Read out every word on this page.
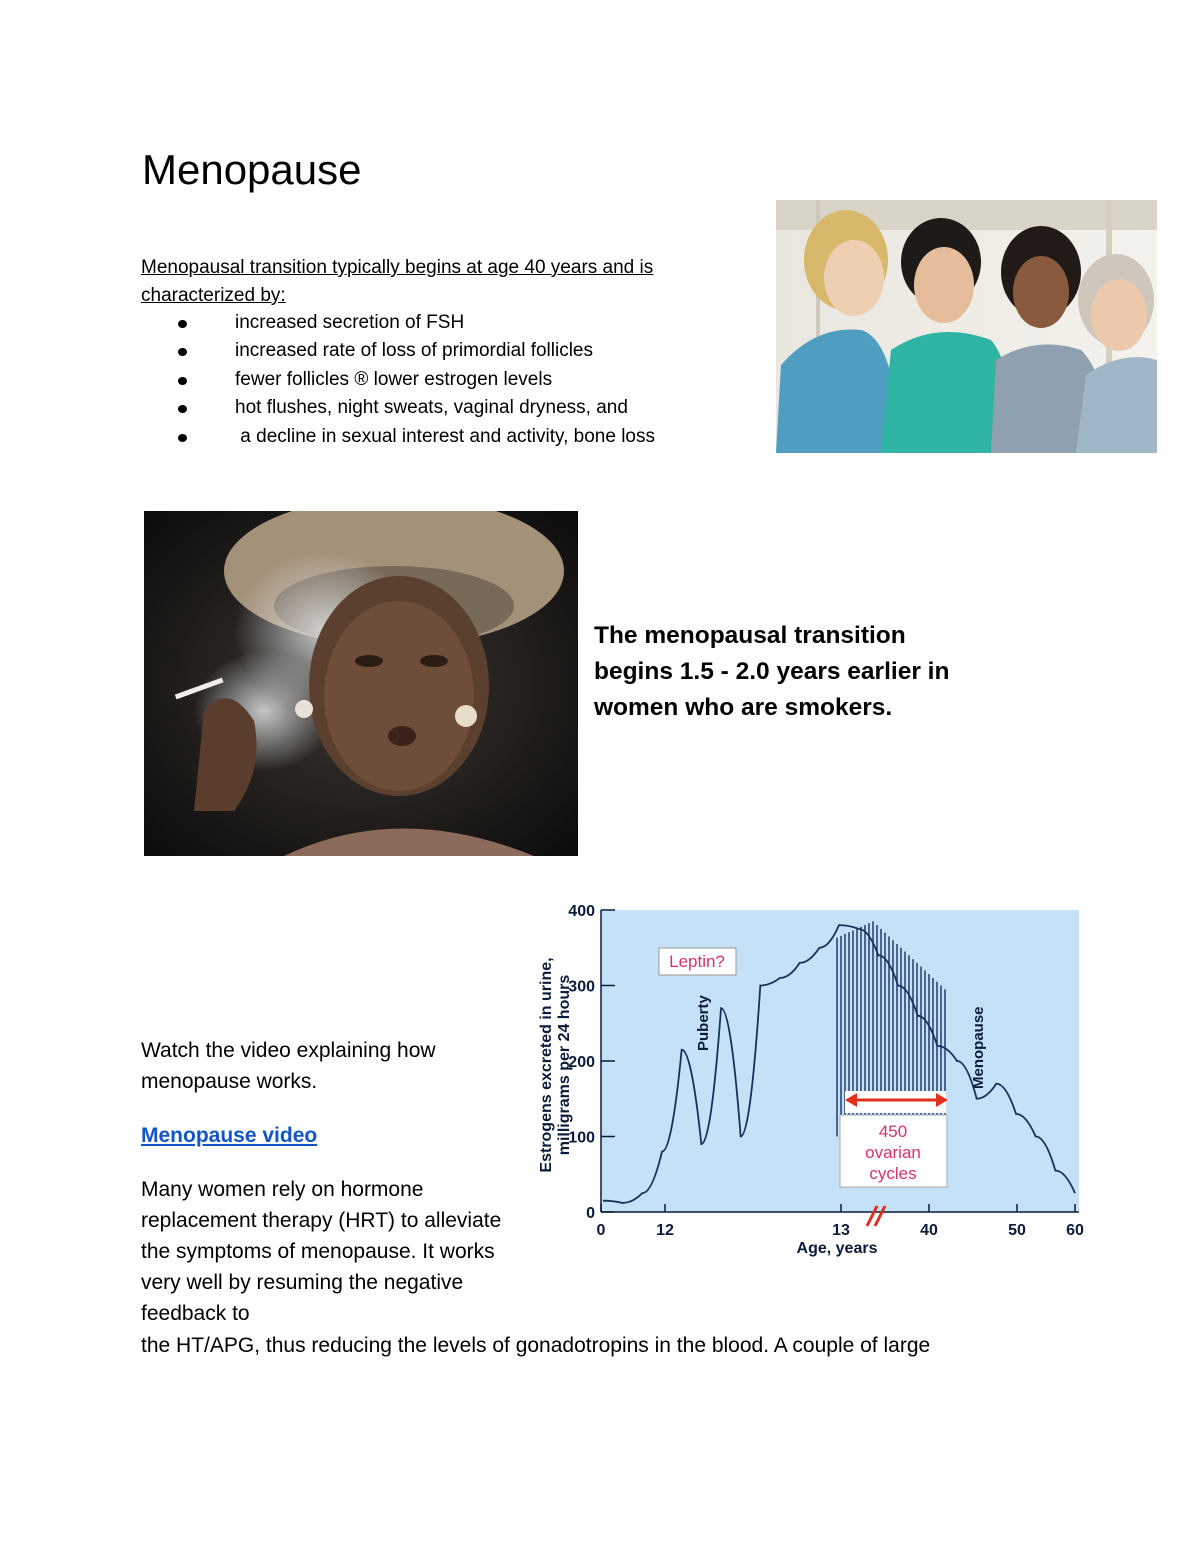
Menopause
Menopausal transition typically begins at age 40 years and is characterized by:
increased secretion of FSH
increased rate of loss of primordial follicles
fewer follicles ® lower estrogen levels
hot flushes, night sweats, vaginal dryness, and
a decline in sexual interest and activity, bone loss
The menopausal transition begins 1.5 - 2.0 years earlier in women who are smokers.
Watch the video explaining how menopause works.
Menopause video
Many women rely on hormone replacement therapy (HRT) to alleviate the symptoms of menopause. It works very well by resuming the negative feedback to
the HT/APG, thus reducing the levels of gonadotropins in the blood. A couple of large
0
100
200
300
400
0	12	13	40	50	60
Leptin?
Puberty	Menopause
450
ovarian
cycles
Estrogens excreted in urine, milligrams per 24 hours
Age, years
